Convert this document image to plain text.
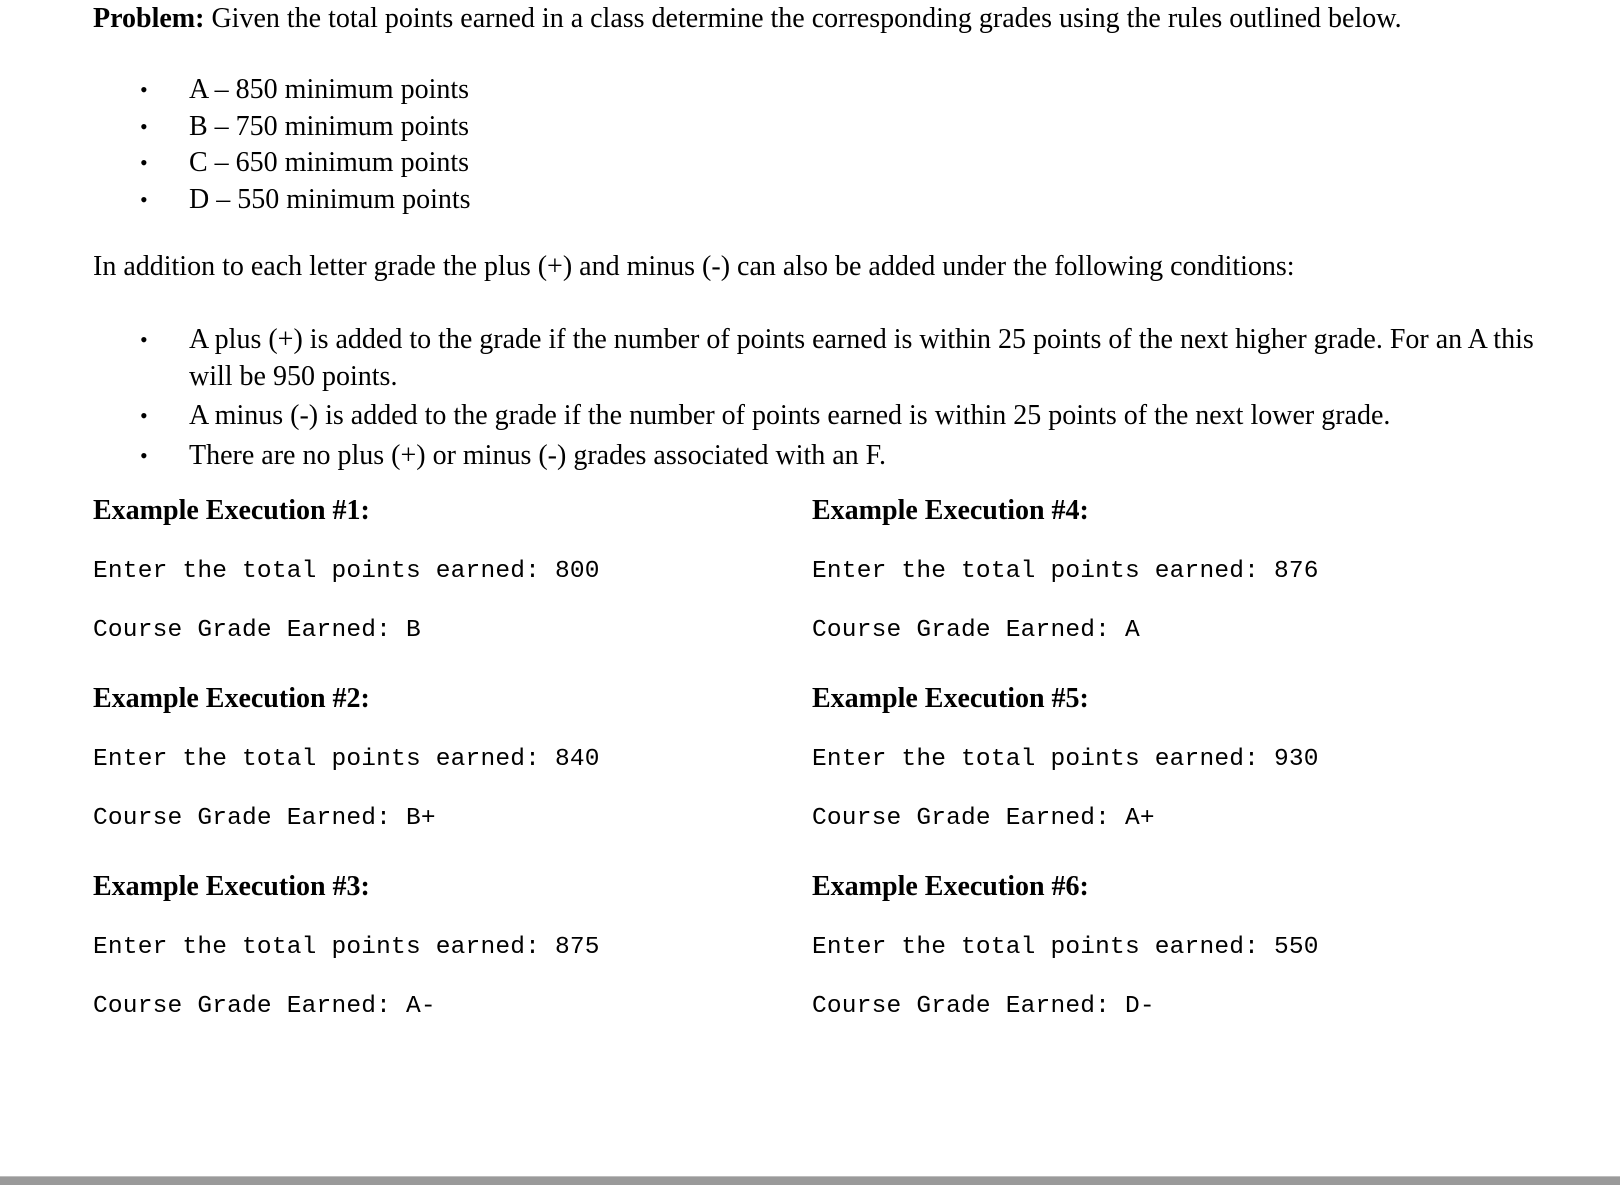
Problem: Given the total points earned in a class determine the corresponding grades using the rules outlined below.

• A – 850 minimum points
• B – 750 minimum points
• C – 650 minimum points
• D – 550 minimum points

In addition to each letter grade the plus (+) and minus (-) can also be added under the following conditions:

• A plus (+) is added to the grade if the number of points earned is within 25 points of the next higher grade. For an A this will be 950 points.
• A minus (-) is added to the grade if the number of points earned is within 25 points of the next lower grade.
• There are no plus (+) or minus (-) grades associated with an F.
Example Execution #1:
Enter the total points earned: 800
Course Grade Earned: B
Example Execution #2:
Enter the total points earned: 840
Course Grade Earned: B+
Example Execution #3:
Enter the total points earned: 875
Course Grade Earned: A-
Example Execution #4:
Enter the total points earned: 876
Course Grade Earned: A
Example Execution #5:
Enter the total points earned: 930
Course Grade Earned: A+
Example Execution #6:
Enter the total points earned: 550
Course Grade Earned: D-
